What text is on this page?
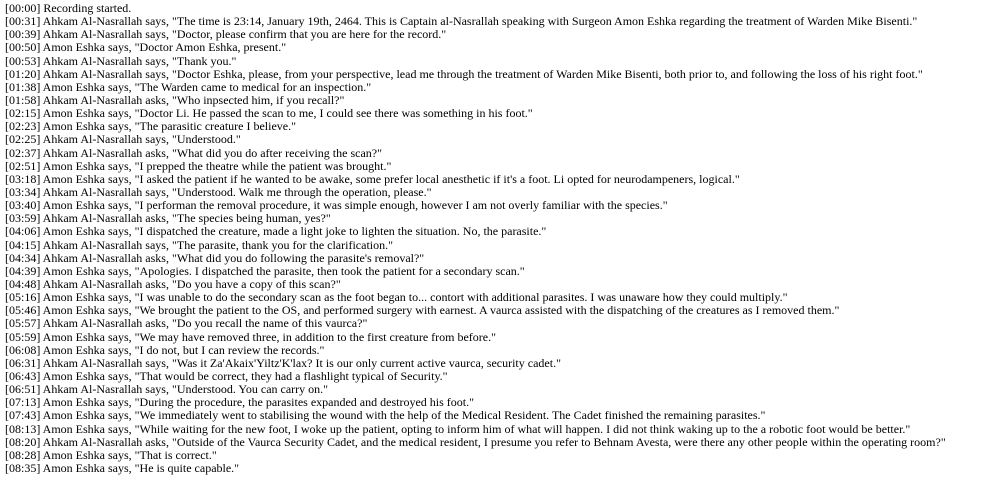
[00:00] Recording started.
[00:31] Ahkam Al-Nasrallah says, "The time is 23:14, January 19th, 2464. This is Captain al-Nasrallah speaking with Surgeon Amon Eshka regarding the treatment of Warden Mike Bisenti."
[00:39] Ahkam Al-Nasrallah says, "Doctor, please confirm that you are here for the record."
[00:50] Amon Eshka says, "Doctor Amon Eshka, present."
[00:53] Ahkam Al-Nasrallah says, "Thank you."
[01:20] Ahkam Al-Nasrallah says, "Doctor Eshka, please, from your perspective, lead me through the treatment of Warden Mike Bisenti, both prior to, and following the loss of his right foot."
[01:38] Amon Eshka says, "The Warden came to medical for an inspection."
[01:58] Ahkam Al-Nasrallah asks, "Who inpsected him, if you recall?"
[02:15] Amon Eshka says, "Doctor Li. He passed the scan to me, I could see there was something in his foot."
[02:23] Amon Eshka says, "The parasitic creature I believe."
[02:25] Ahkam Al-Nasrallah says, "Understood."
[02:37] Ahkam Al-Nasrallah asks, "What did you do after receiving the scan?"
[02:51] Amon Eshka says, "I prepped the theatre while the patient was brought."
[03:18] Amon Eshka says, "I asked the patient if he wanted to be awake, some prefer local anesthetic if it's a foot. Li opted for neurodampeners, logical."
[03:34] Ahkam Al-Nasrallah says, "Understood. Walk me through the operation, please."
[03:40] Amon Eshka says, "I performan the removal procedure, it was simple enough, however I am not overly familiar with the species."
[03:59] Ahkam Al-Nasrallah asks, "The species being human, yes?"
[04:06] Amon Eshka says, "I dispatched the creature, made a light joke to lighten the situation. No, the parasite."
[04:15] Ahkam Al-Nasrallah says, "The parasite, thank you for the clarification."
[04:34] Ahkam Al-Nasrallah asks, "What did you do following the parasite's removal?"
[04:39] Amon Eshka says, "Apologies. I dispatched the parasite, then took the patient for a secondary scan."
[04:48] Ahkam Al-Nasrallah asks, "Do you have a copy of this scan?"
[05:16] Amon Eshka says, "I was unable to do the secondary scan as the foot began to... contort with additional parasites. I was unaware how they could multiply."
[05:46] Amon Eshka says, "We brought the patient to the OS, and performed surgery with earnest. A vaurca assisted with the dispatching of the creatures as I removed them."
[05:57] Ahkam Al-Nasrallah asks, "Do you recall the name of this vaurca?"
[05:59] Amon Eshka says, "We may have removed three, in addition to the first creature from before."
[06:08] Amon Eshka says, "I do not, but I can review the records."
[06:31] Ahkam Al-Nasrallah says, "Was it Za'Akaix'Yiltz'K'lax? It is our only current active vaurca, security cadet."
[06:43] Amon Eshka says, "That would be correct, they had a flashlight typical of Security."
[06:51] Ahkam Al-Nasrallah says, "Understood. You can carry on."
[07:13] Amon Eshka says, "During the procedure, the parasites expanded and destroyed his foot."
[07:43] Amon Eshka says, "We immediately went to stabilising the wound with the help of the Medical Resident. The Cadet finished the remaining parasites."
[08:13] Amon Eshka says, "While waiting for the new foot, I woke up the patient, opting to inform him of what will happen. I did not think waking up to the a robotic foot would be better."
[08:20] Ahkam Al-Nasrallah asks, "Outside of the Vaurca Security Cadet, and the medical resident, I presume you refer to Behnam Avesta, were there any other people within the operating room?"
[08:28] Amon Eshka says, "That is correct."
[08:35] Amon Eshka says, "He is quite capable."
